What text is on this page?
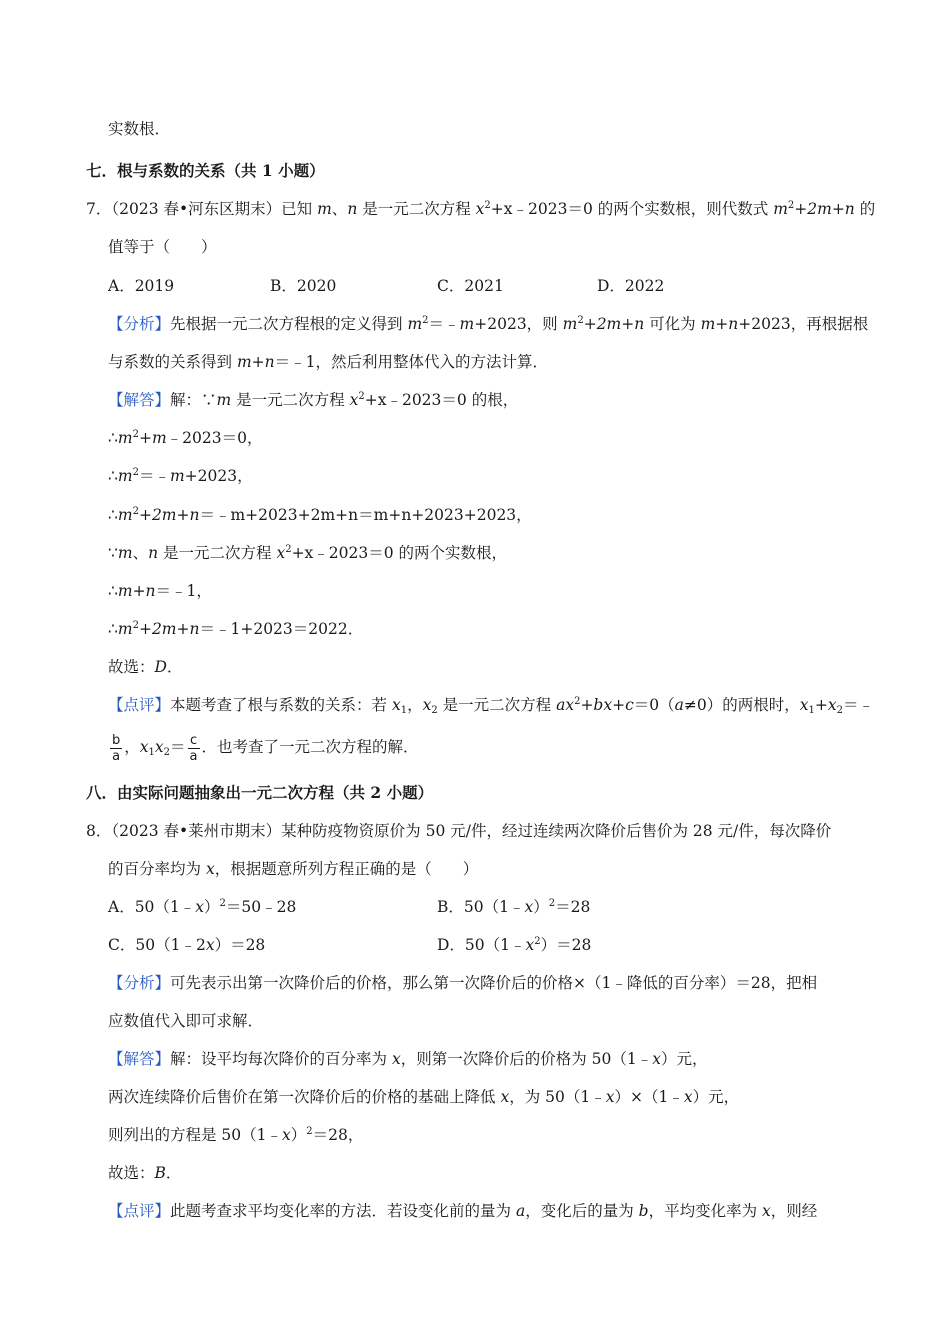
实数根．
七．根与系数的关系（共 1 小题）
7．（2023 春•河东区期末）已知 m、n 是一元二次方程 $x^2+x﹣2023=0$ 的两个实数根，则代数式 $m^2+2m+n$ 的
值等于（　　）
A．2019	B．2020	C．2021	D．2022
【分析】先根据一元二次方程根的定义得到 $m^2=﹣m+2023$，则 $m^2+2m+n$ 可化为 m+n+2023，再根据根
与系数的关系得到 m+n＝﹣1，然后利用整体代入的方法计算．
【解答】解：∵m 是一元二次方程 $x^2+x﹣2023=0$ 的根，
$\therefore m^2+m﹣2023=0$，
$\therefore m^2=﹣m+2023$，
$\therefore m^2+2m+n=﹣m+2023+2m+n=m+n+2023+2023$，
∵m、n 是一元二次方程 $x^2+x﹣2023=0$ 的两个实数根，
∴m+n＝﹣1，
$\therefore m^2+2m+n=﹣1+2023=2022$．
故选：D．
【点评】本题考查了根与系数的关系：若 $x_1$，$x_2$ 是一元二次方程 $ax^2+bx+c=0(a\ne 0)$的两根时，$x_1+x_2=﹣$
$\frac{b}{a}$ ，$x_1x_2= \frac{c}{a}$ ．也考查了一元二次方程的解．
八．由实际问题抽象出一元二次方程（共 2 小题）
8．（2023 春•莱州市期末）某种防疫物资原价为 50 元/件，经过连续两次降价后售价为 28 元/件，每次降价
的百分率均为 x，根据题意所列方程正确的是（　　）
A．50（1﹣x）$^2$＝50﹣28	B．50（1﹣x）$^2$＝28
C．50（1﹣2x）＝28	D．$50(1﹣x^2)=28$
【分析】可先表示出第一次降价后的价格，那么第一次降价后的价格×（1﹣降低的百分率）＝28，把相
应数值代入即可求解．
【解答】解：设平均每次降价的百分率为 x，则第一次降价后的价格为 50（1﹣x）元，
两次连续降价后售价在第一次降价后的价格的基础上降低 x，为 50（1﹣x）×（1﹣x）元，
则列出的方程是 50（1﹣x）$^2$＝28，
故选：B．
【点评】此题考查求平均变化率的方法．若设变化前的量为 a，变化后的量为 b，平均变化率为 x，则经
